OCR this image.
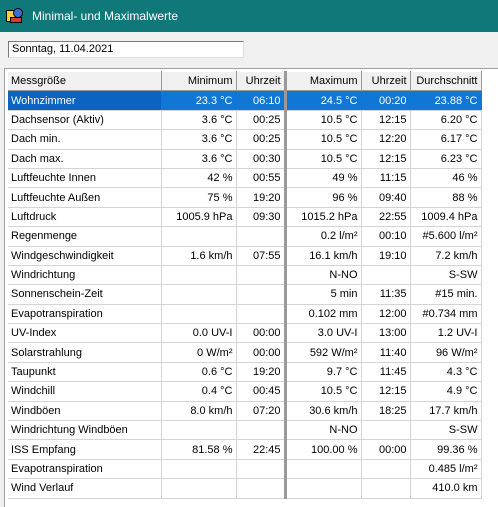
Minimal- und Maximalwerte
Sonntag, 11.04.2021
Messgröße	Minimum	Uhrzeit	Maximum	Uhrzeit	Durchschnitt
Wohnzimmer	23.3 °C	06:10	24.5 °C	00:20	23.88 °C
Dachsensor (Aktiv)	3.6 °C	00:25	10.5 °C	12:15	6.20 °C
Dach min.	3.6 °C	00:25	10.5 °C	12:20	6.17 °C
Dach max.	3.6 °C	00:30	10.5 °C	12:15	6.23 °C
Luftfeuchte Innen	42 %	00:55	49 %	11:15	46 %
Luftfeuchte Außen	75 %	19:20	96 %	09:40	88 %
Luftdruck	1005.9 hPa	09:30	1015.2 hPa	22:55	1009.4 hPa
Regenmenge			0.2 l/m²	00:10	#5.600 l/m²
Windgeschwindigkeit	1.6 km/h	07:55	16.1 km/h	19:10	7.2 km/h
Windrichtung			N-NO		S-SW
Sonnenschein-Zeit			5 min	11:35	#15 min.
Evapotranspiration			0.102 mm	12:00	#0.734 mm
UV-Index	0.0 UV-I	00:00	3.0 UV-I	13:00	1.2 UV-I
Solarstrahlung	0 W/m²	00:00	592 W/m²	11:40	96 W/m²
Taupunkt	0.6 °C	19:20	9.7 °C	11:45	4.3 °C
Windchill	0.4 °C	00:45	10.5 °C	12:15	4.9 °C
Windböen	8.0 km/h	07:20	30.6 km/h	18:25	17.7 km/h
Windrichtung Windböen			N-NO		S-SW
ISS Empfang	81.58 %	22:45	100.00 %	00:00	99.36 %
Evapotranspiration					0.485 l/m²
Wind Verlauf					410.0 km
